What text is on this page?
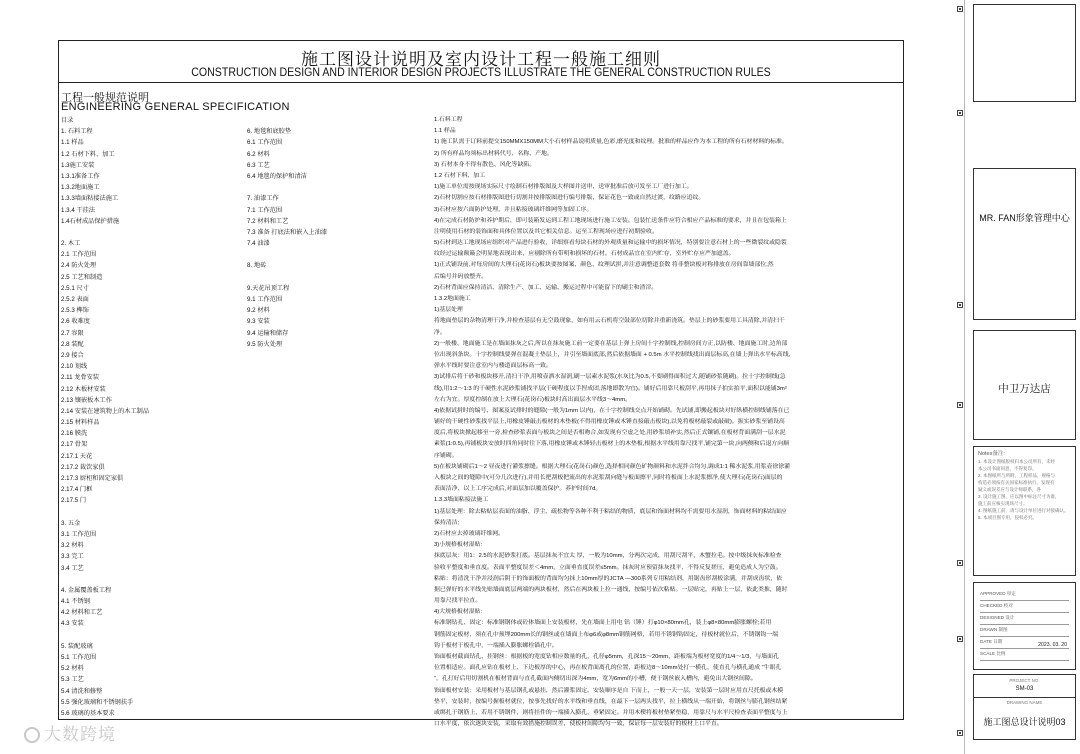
施工图设计说明及室内设计工程一般施工细则
CONSTRUCTION DESIGN AND INTERIOR DESIGN PROJECTS ILLUSTRATE THE GENERAL CONSTRUCTION RULES
工程一般规范说明
ENGINEERING GENERAL SPECIFICATION
目录
1. 石料工程
1.1 样品
1.2 石材下料、加工
1.3施工安装
1.3.1准备工作
1.3.2地面施工
1.3.3墙面粘接法施工
1.3.4 干挂法
1.4石材成品保护措施
2. 木工
2.1 工作范围
2.4 防火处理
2.5 工艺和制造
2.5.1 尺寸
2.5.2 表面
2.5.3 榫饰
2.6 收难度
2.7 容限
2.8 装配
2.9 接合
2.10 划线
2.11 龙骨安装
2.12 木板材安装
2.13 镶嵌板木工作
2.14 安装在建筑物上的木工制品
2.15 材料样品
2.16 膜洗
2.17 骨架
2.17.1 天花
2.17.2 裁饮家俱
2.17.3 厨柜和固定家俱
2.17.4 门框
2.17.5 门
3. 五金
3.1 工作范围
3.2 材料
3.3 完工
3.4 工艺
4. 金属覆盖板工程
4.1 不锈钢
4.2 材料和工艺
4.3 安装
5. 装配玻璃
5.1 工作范围
5.2 材料
5.3 工艺
5.4 清洗和修整
5.5 强化玻璃和不锈钢扶手
5.6 玻璃的基本要求
6. 地毯和底胶垫
6.1 工作范围
6.2 材料
6.3 工艺
6.4 地毯的保护和清洁
7. 油漆工作
7.1 工作范围
7.2 材料和工艺
7.3 准备 打底法和嵌入上油漆
7.4 油漆
8. 地砖
9.天花吊顶工程
9.1 工作范围
9.2 材料
9.3 安装
9.4 运输和储存
9.5 防火处理
1.石料工程
1.1 样品
1) 施工队需于订料前提交150MMX150MM大小石材样品说明质量,色彩,磨光度和纹理。批准的样品应作为本工程的所有石材材料的标准。
2) 所有样品均须标出材料代号、名称、产地。
3) 石材本身不得有散色、风化等缺陷。
1.2 石材下料、加工
1)施工单位需按现场实际尺寸绘制石材排版图及大样图并送审，送审批准后放可发至工厂进行加工。
2)石材切割应按石材排版图进行切割并按排版图进行编号排版，保证花色一致或自然过渡，纹路应追纹。
3)石材应按六面防护处理，并且粘接玻璃纤维网等加固工序。
4)在完成石材防护和养护期后，即可装箱发运到工程工地现场进行施工安装。包装忙送条件应符合相应产品标准的要求，并且在包装箱上
注明使用石材的装饰面和具体位置以及其它相关信息。运至工程现场应进行初期验收。
5)石材到达工地现场应组织对产品进行验收，详细察看每块石材的外观质量和运输中的损坏情况，特别要注意石材上的一些微裂纹或隐裂
纹经过运输颠簸会明显地表现出来，应剔除所有带明和损坏的石材。石材成品宜在室内贮存，室外贮存应严加遮盖。
1)正式铺设前,对每房间的大理石(花岗石)板块要按图案、颜色、纹理试拼,并注意调整道套数 将非整块板对称排放在房间靠墙部位,然
后编号并码放整齐。
2)石材背面应保持清洁、清除生产、加工、运输、搬运过程中可能留下的刷尘和渣滓。
1.3.2地面施工
1)基层处理
将地面垫层的杂物清理干净,并检查基层有无空鼓现象，如有用云石机将空鼓部位切除并重新浇筑。垫层上的砂浆要用工具清除,并清扫干
净。
2)一般楼、地面施工是在墙面抹灰之后,所以在抹灰施工前一定要在基层上弹上房间十字控制线,控制房间方正,以防楼、地面施工时,边角部
位出现斜条块。十字控制线要弹在混凝土垫层上，并引至墙面底部,然后依据墙面 + 0.5m 水平控制线找出面层标高,在墙上弹出水平标高线,
弹水平线时要注意室内与楼道面层标高一致。
3)试排后将干砂和板块移开,清扫干净,用喷壶洒水湿润,刷一层素水泥浆(水灰比为0.5,不要刷得面积过大,随铺砂浆随刷)。拉十字控制线(急
线),用1:2～1:3 的干硬性水泥砂浆铺找平层(干硬程度以手捏成团,落地即散为宜)。铺好后用靠尺板刮平,再用抹子拍实拍平,面积以能铺3m²
左右为宜。厚度控制在放上大理石(花岗石)板块时高出面层水平线3～4mm。
4)依据试拼时的编号、图案及试排时的缝隙(一般为1mm 以内)，在十字控制线交点开始铺砌。先试铺,即搬起板块对好纵横控制线铺落在已
铺好的干硬性砂浆找平层上,用橡皮锤敲击板材的木垫板(不得用橡皮锤或木锤直接敲击板块),以免将板材敲裂或敲破)。振实砂浆至铺设高
度后,将板块掀起移至一旁,检查砂浆表面与板块之间是否相吻合,如发现有空虚之处,用砂浆填补实,然后正式镶铺,在板材背面满刮一层水泥
素浆(1:0.5),再铺板块安放时四角同时往下落,用橡皮锤或木锤轻击板材上的木垫板,根据水平线用靠尺找平,铺完第一块,向两侧和后退方向顺
序铺砌。
5)在板块铺砌后1～2 昼夜进行灌浆擦缝。根据大理石(花岗石)颜色,选择相同颜色矿物颜料和水泥拌合均匀,调成1:1 稀水泥浆,用浆壶徐徐灌
入板块之间的缝隙中(可分几次进行),并用长把刮板把流出的水泥浆刮向缝与板面擦平,同时将板面上水泥浆擦净,使大理石(花岗石)面层的
表面洁净、以上工序完成后,对面层加以覆盖保护。养护时间7d。
1.3.3墙面粘接法施工
1)基层处理：除去粘贴层表面的油脂、浮尘、疏松物等各种不利于粘结的物质，底层和饰面材料均不需要用水湿润，饰面材料的粘结面应
保持清洁;
2)石材应去掉玻璃纤维网。
3)小规格板材湿贴:
抹底层灰：用1：2.5的水泥砂浆打底。基层抹灰不宜太 厚，一般为10mm，分两次完成，用刮尺刮平，木蟹拉毛。按中级抹灰标准检查
验收平整度和垂直度。表面平整度误差＜4mm，立面垂直度误差≤5mm。抹灰时应预留抹灰找平，不得反复搓压，避免造成人为空鼓。
粘贴：将清洗干净并浸润后阴干的饰面板的背面均匀抹上10mm厚的JCTA —300系列专用粘结剂，用锯齿形刮板涂满，并刮成齿状，依
据已弹好的水平线先贴墙面底层两端的两块板材，然后在两块板上拉一通线，按编号依次粘贴。一层贴完，再贴上一层，依此类推，随时
用靠尺找平拉直。
4)大规格板材湿贴:
标准钢钻孔、固定：标准钢钢体或砼体墙面上安装板材，先在墙面上用电 钻（锤）打φ10×80mm孔，装上φ8×80mm膨胀螺栓;若用
钢筋固定板材，须在孔中预埋200mm长的钢丝或在墙面上布φ6或φ8mm钢筋网格，若用不锈钢钩固定，待板材就位后，不锈钢钩一端
钩于板材干板孔中，一端插入膨胀螺栓锚孔中。
饰面板材截面钻孔、挂钢丝：根据板的宽度钻相应数量的孔，孔径φ5mm，孔深15～20mm，距板端为板材宽度的1/4～1/3，与墙面孔
位置相适应。面孔应钻在板材上、下边板厚的中心，再在板背面离孔的位置，距板边8～10mm处打一横孔，使直孔与横孔通成 “牛眼孔
”，孔打好后用切割机在板材背面与直孔截面内侧切出深为4mm，宽为6mm的小槽，便于钢丝嵌入槽内，避免出大钢丝间隙。
饰面板材安装：采用板材与基层钢孔或悬挂，然后灌浆固定。安装顺序是自 下而上，一般一天一层，安装第一层时应用直尺托板或木模
垫平，安装时，按编号握板材就位，按事先找好的水平线和垂直线，在最下一层两头找平，拉上横线从一端开始，将钢丝与膨孔钢丝结紧
或绑扎于钢筋上，若用不锈钢件，则将挂件的一端插入膨孔，垂紧固定。并用木楔将板材垫紧垫稳，用靠尺与水平尺检查表面平整度与上
口水平度，依次逐块安装，采取有效措施控制误差，使板材间隙均匀一致，保证每一层安装好的板材上口平直。
MR. FAN形象管理中心
中卫万达店
Notes备注:
1. 本设计图纸版权归本公司所有，未经
本公司书面同意，不得复印。
2. 本图纸所与所附、工程样品，规格与
构造必须按有关国家标准执行。发现有
疑义或误差应与设计师联系，各
3. 设计施工图，应以图中标注尺寸为准，
施工前应核实现场尺寸。
4. 图纸施工前，请与设计单位进行对接确认。
5. 本项目图专用，侵权必究。
APPROVED 审定
CHECKED 校对
DESIGNED 设计
DRAWN 制图
DATE 日期	2023. 03. 20
SCALE 比例
PROJECT NO.
SM-03
DRAWING NAME
施工图总设计说明03
大数跨境
